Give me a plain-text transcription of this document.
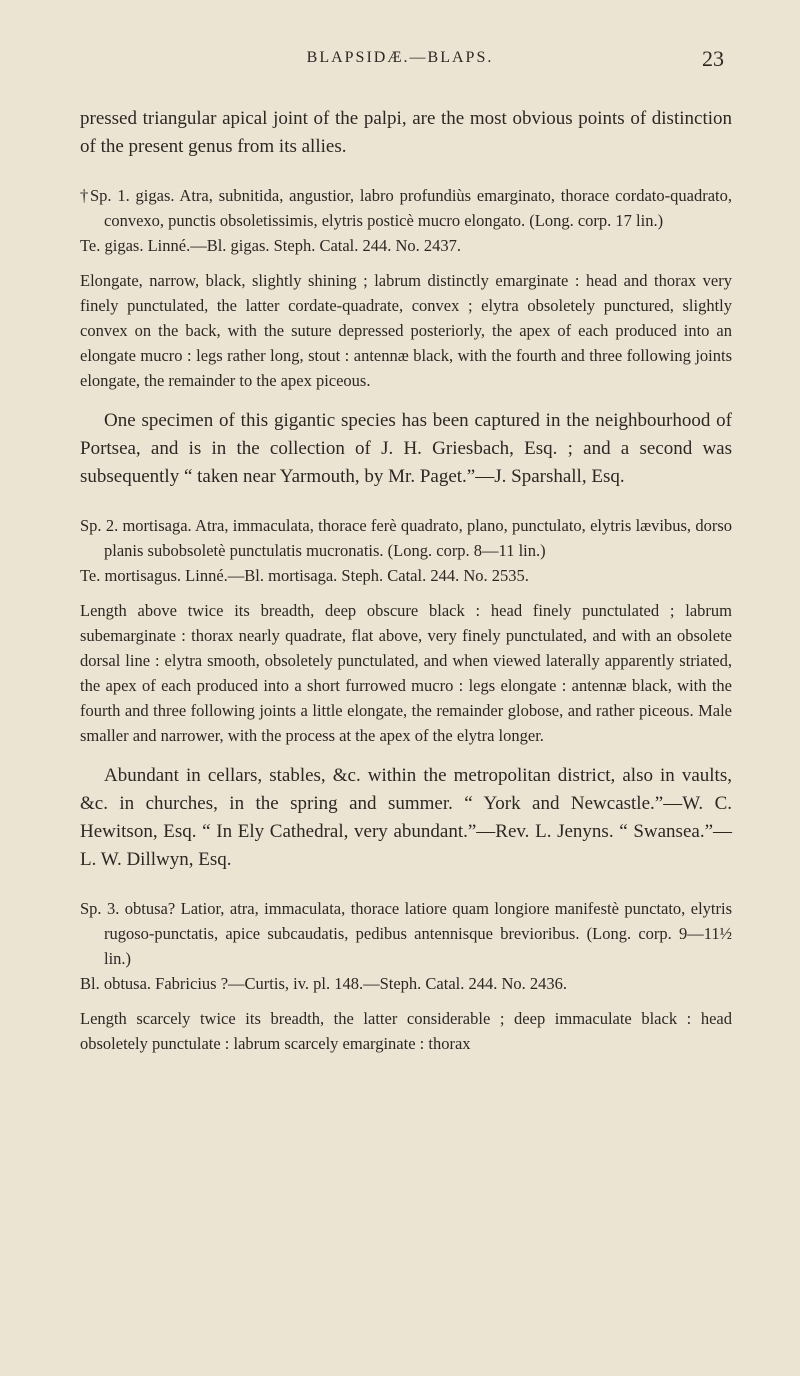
BLAPSIDÆ.—BLAPS.	23

pressed triangular apical joint of the palpi, are the most obvious points of distinction of the present genus from its allies.

†Sp. 1. gigas. Atra, subnitida, angustior, labro profundiùs emarginato, thorace cordato-quadrato, convexo, punctis obsoletissimis, elytris posticè mucro elongato. (Long. corp. 17 lin.)

Te. gigas. Linné.—Bl. gigas. Steph. Catal. 244. No. 2437.

Elongate, narrow, black, slightly shining ; labrum distinctly emarginate : head and thorax very finely punctulated, the latter cordate-quadrate, convex ; elytra obsoletely punctured, slightly convex on the back, with the suture depressed posteriorly, the apex of each produced into an elongate mucro : legs rather long, stout : antennæ black, with the fourth and three following joints elongate, the remainder to the apex piceous.

One specimen of this gigantic species has been captured in the neighbourhood of Portsea, and is in the collection of J. H. Griesbach, Esq. ; and a second was subsequently “ taken near Yarmouth, by Mr. Paget.”—J. Sparshall, Esq.

Sp. 2. mortisaga. Atra, immaculata, thorace ferè quadrato, plano, punctulato, elytris lævibus, dorso planis subobsoletè punctulatis mucronatis. (Long. corp. 8—11 lin.)

Te. mortisagus. Linné.—Bl. mortisaga. Steph. Catal. 244. No. 2535.

Length above twice its breadth, deep obscure black : head finely punctulated ; labrum subemarginate : thorax nearly quadrate, flat above, very finely punctulated, and with an obsolete dorsal line : elytra smooth, obsoletely punctulated, and when viewed laterally apparently striated, the apex of each produced into a short furrowed mucro : legs elongate : antennæ black, with the fourth and three following joints a little elongate, the remainder globose, and rather piceous. Male smaller and narrower, with the process at the apex of the elytra longer.

Abundant in cellars, stables, &c. within the metropolitan district, also in vaults, &c. in churches, in the spring and summer. “ York and Newcastle.”—W. C. Hewitson, Esq. “ In Ely Cathedral, very abundant.”—Rev. L. Jenyns. “ Swansea.”—L. W. Dillwyn, Esq.

Sp. 3. obtusa? Latior, atra, immaculata, thorace latiore quam longiore manifestè punctato, elytris rugoso-punctatis, apice subcaudatis, pedibus antennisque brevioribus. (Long. corp. 9—11½ lin.)

Bl. obtusa. Fabricius ?—Curtis, iv. pl. 148.—Steph. Catal. 244. No. 2436.

Length scarcely twice its breadth, the latter considerable ; deep immaculate black : head obsoletely punctulate : labrum scarcely emarginate : thorax
